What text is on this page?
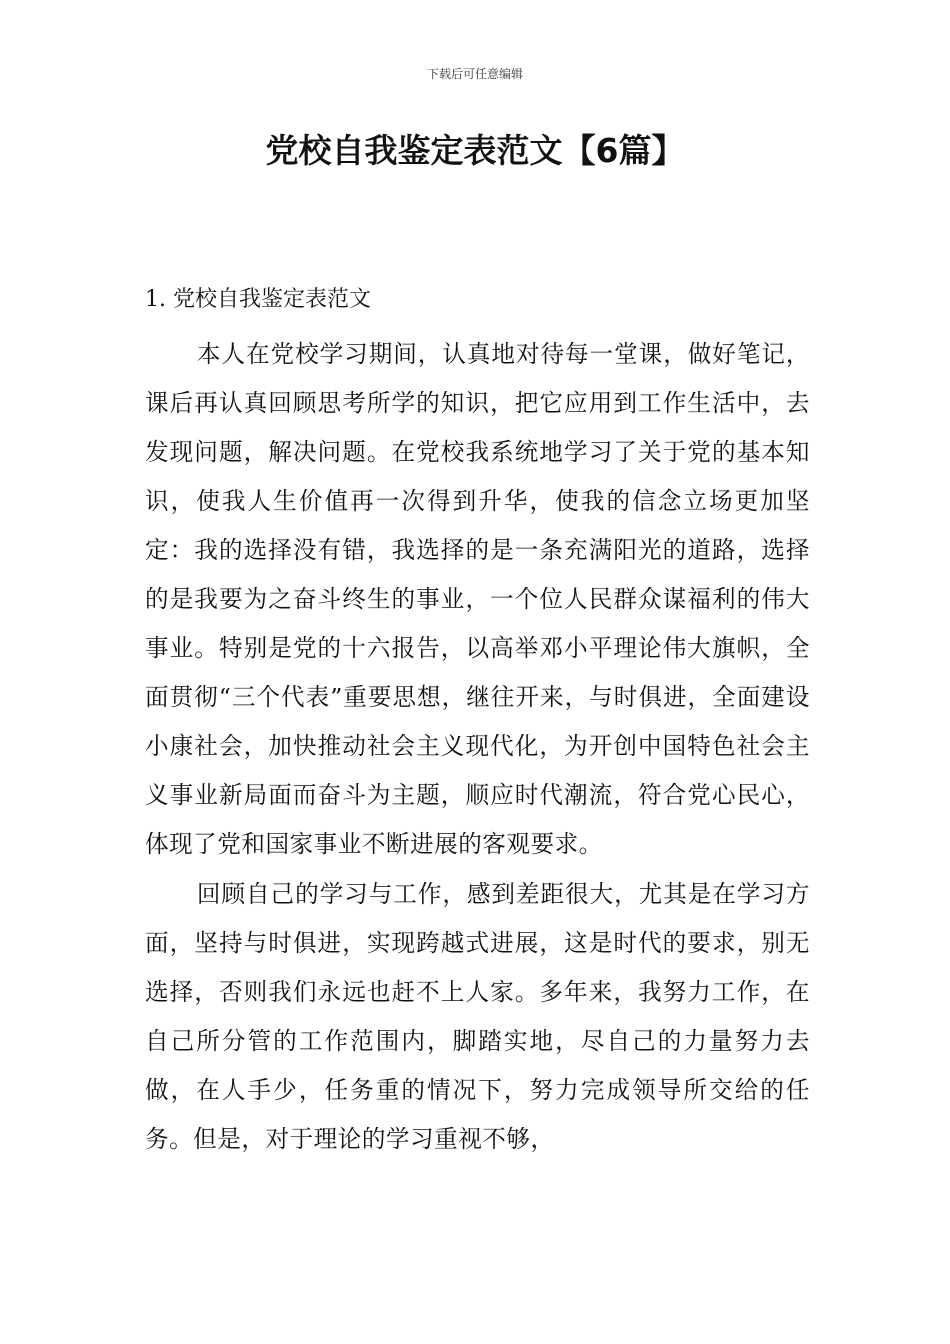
下载后可任意编辑
党校自我鉴定表范文【6篇】
1. 党校自我鉴定表范文

本人在党校学习期间，认真地对待每一堂课，做好笔记，课后再认真回顾思考所学的知识，把它应用到工作生活中，去发现问题，解决问题。在党校我系统地学习了关于党的基本知识，使我人生价值再一次得到升华，使我的信念立场更加坚定：我的选择没有错，我选择的是一条充满阳光的道路，选择的是我要为之奋斗终生的事业，一个位人民群众谋福利的伟大事业。特别是党的十六报告，以高举邓小平理论伟大旗帜，全面贯彻“三个代表”重要思想，继往开来，与时俱进，全面建设小康社会，加快推动社会主义现代化，为开创中国特色社会主义事业新局面而奋斗为主题，顺应时代潮流，符合党心民心，体现了党和国家事业不断进展的客观要求。

回顾自己的学习与工作，感到差距很大，尤其是在学习方面，坚持与时俱进，实现跨越式进展，这是时代的要求，别无选择，否则我们永远也赶不上人家。多年来，我努力工作，在自己所分管的工作范围内，脚踏实地，尽自己的力量努力去做，在人手少，任务重的情况下，努力完成领导所交给的任务。但是，对于理论的学习重视不够，
